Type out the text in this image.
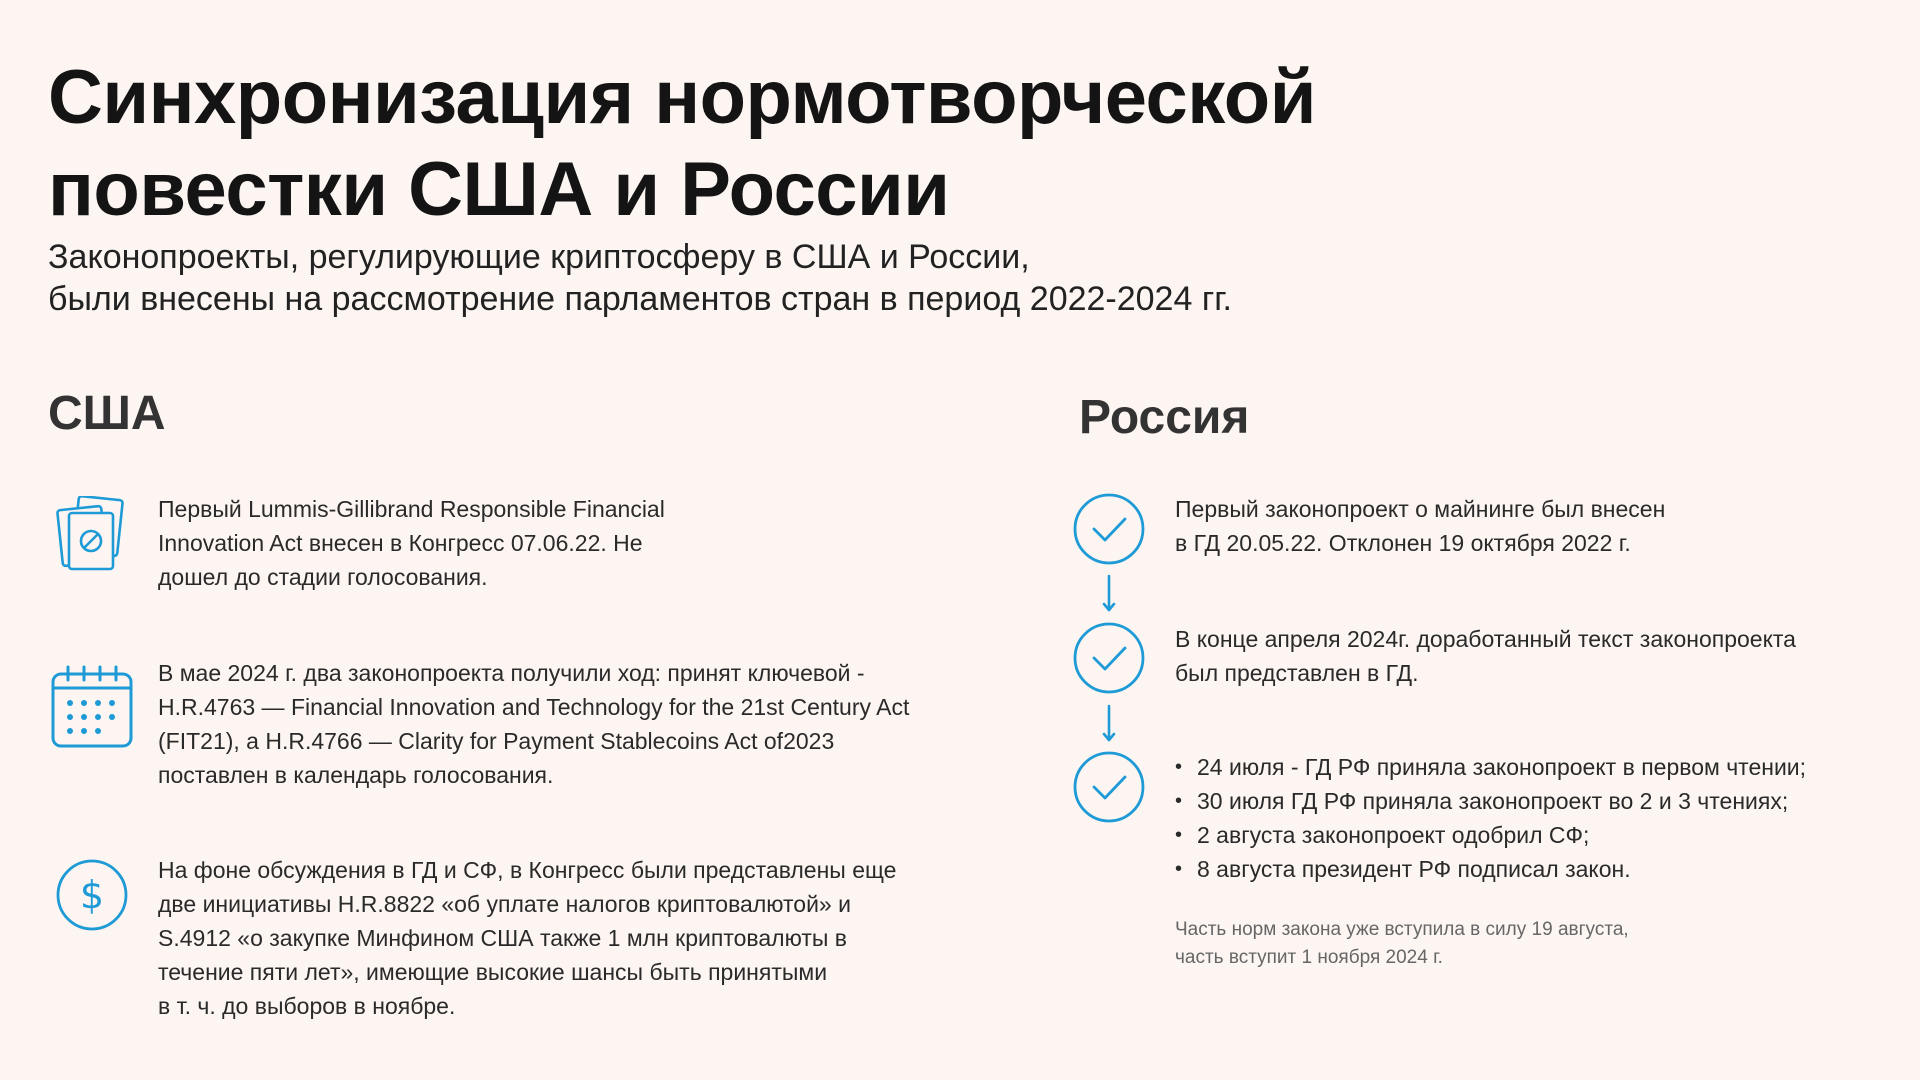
Синхронизация нормотворческой
повестки США и России

Законопроекты, регулирующие криптосферу в США и России,
были внесены на рассмотрение парламентов стран в период 2022-2024 гг.

США

Первый Lummis-Gillibrand Responsible Financial
Innovation Act внесен в Конгресс 07.06.22. Не
дошел до стадии голосования.

В мае 2024 г. два законопроекта получили ход: принят ключевой -
H.R.4763 — Financial Innovation and Technology for the 21st Century Act
(FIT21), а H.R.4766 — Clarity for Payment Stablecoins Act of2023
поставлен в календарь голосования.

$

На фоне обсуждения в ГД и СФ, в Конгресс были представлены еще
две инициативы H.R.8822 «об уплате налогов криптовалютой» и
S.4912 «о закупке Минфином США также 1 млн криптовалюты в
течение пяти лет», имеющие высокие шансы быть принятыми
в т. ч. до выборов в ноябре.

Россия

Первый законопроект о майнинге был внесен
в ГД 20.05.22. Отклонен 19 октября 2022 г.

В конце апреля 2024г. доработанный текст законопроекта
был представлен в ГД.

• 24 июля - ГД РФ приняла законопроект в первом чтении;
• 30 июля ГД РФ приняла законопроект во 2 и 3 чтениях;
• 2 августа законопроект одобрил СФ;
• 8 августа президент РФ подписал закон.

Часть норм закона уже вступила в силу 19 августа,
часть вступит 1 ноября 2024 г.
